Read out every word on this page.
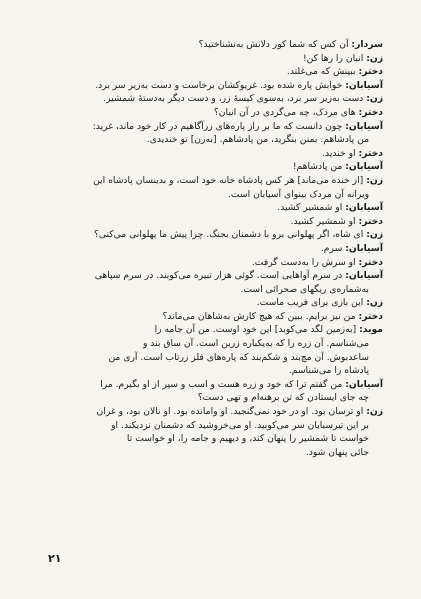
سردار: آن کس که شما کور دلانش به‌نشناختید؟
زن: انبان را رها کن!
دختر: ببینش که می‌غلتد.
آسیابان: خوابش پاره شده بود. غریوکشان برخاست و دست به‌زیر سر برد.
زن: دست به‌زیر سر برد، به‌سوی کیسهٔ زر، و دست دیگر به‌دستهٔ شمشیر.
دختر: های مردک، چه می‌گردی در آن انبان؟
آسیابان: چون دانست که ما بر راز پاره‌های زرآگاهیم در کار خود ماند، غرید:
من پادشاهم. بمنن بنگرید، من پادشاهم. [به‌زن] تو خندیدی.
دختر: او خندید.
آسیابان: من پادشاهم!
زن: [از خنده می‌ماند] هر کس پادشاه خانه خود است، و بدینسان پادشاه این
ویرانه آن مردک بینوای آسیابان است.
آسیابان: او شمشیر کشید.
دختر: او شمشیر کشید.
زن: ای شاه، اگر پهلوانی برو با دشمنان بجنگ. چرا پیش ما پهلوانی می‌کنی؟
آسیابان: سرم.
دختر: او سرش را به‌دست گرفت.
آسیابان: در سرم آواهایی است. گوئی هزار تبیره می‌کوبند. در سرم سپاهی
به‌شماره‌ی ریگهای صحرائی است.
زن: این بازی برای فریب ماست.
دختر: من نیز برایم. ببین که هیچ کارش به‌شاهان می‌ماند؟
موبد: [به‌زمین لگد می‌کوبد] این خود اوست. من آن جامه را
می‌شناسم. آن زره را که به‌یکباره زرین است. آن ساق بند و
ساعدبوش. آن مچ‌بند و شکم‌بند که پاره‌های فلز زرتاب است. آری من
پادشاه را می‌شناسم.
آسیابان: من گفتم ترا که خود و زره هست و اسب و سپر از او بگیرم. مرا
چه جای ایستادن که تن برهنه‌ام و تهی دست؟
زن: او ترسان بود. او در خود نمی‌گنجید. او وامانده بود. او نالان بود، و غران
بر این تیرسبایان سر می‌کوبید. او می‌خروشید که دشمنان نزدیکند. او
خواست تا شمشیر را پنهان کند، و دیهیم و جامه را، او خواست تا
جائی پنهان شود.
۲۱
